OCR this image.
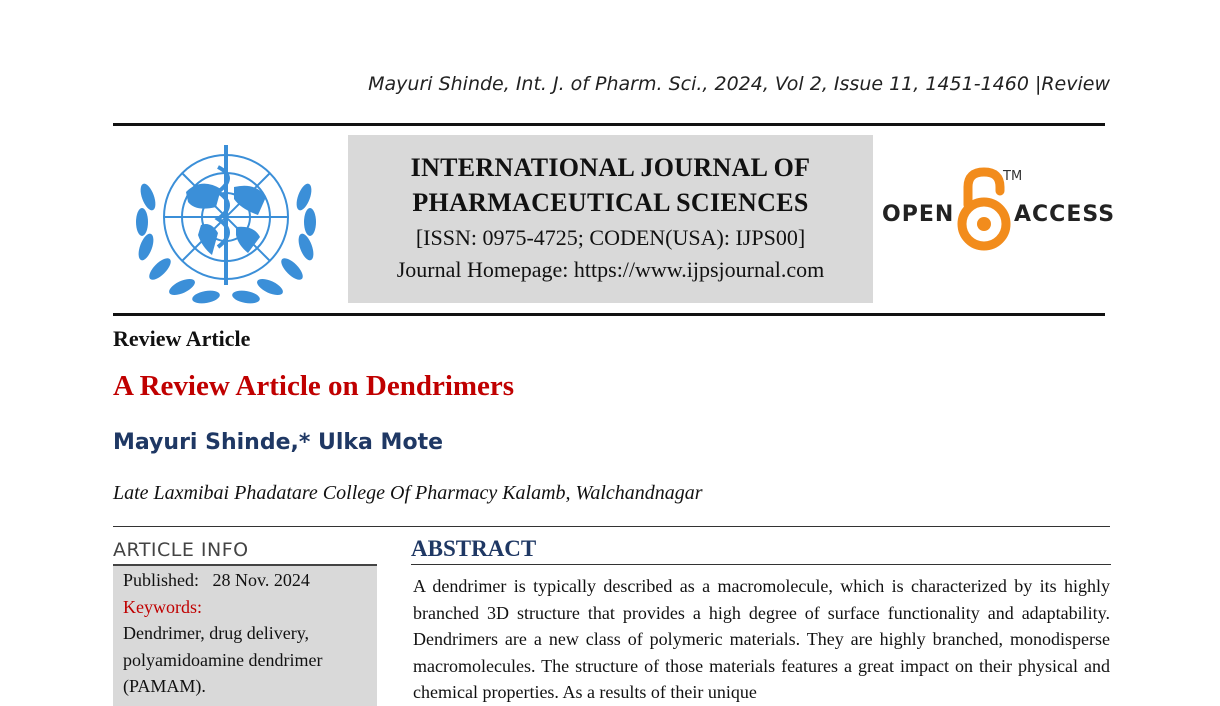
Mayuri Shinde, Int. J. of Pharm. Sci., 2024, Vol 2, Issue 11, 1451-1460 |Review
INTERNATIONAL JOURNAL OF
PHARMACEUTICAL SCIENCES
[ISSN: 0975-4725; CODEN(USA): IJPS00]
Journal Homepage: https://www.ijpsjournal.com
OPEN	ACCESS
TM
Review Article
A Review Article on Dendrimers
Mayuri Shinde,* Ulka Mote
Late Laxmibai Phadatare College Of Pharmacy Kalamb, Walchandnagar
ARTICLE INFO
Published: 28 Nov. 2024
Keywords:
Dendrimer, drug delivery,
polyamidoamine dendrimer
(PAMAM).
ABSTRACT
A dendrimer is typically described as a macromolecule, which is characterized by its highly branched 3D structure that provides a high degree of surface functionality and adaptability. Dendrimers are a new class of polymeric materials. They are highly branched, monodisperse macromolecules. The structure of those materials features a great impact on their physical and chemical properties. As a results of their unique
